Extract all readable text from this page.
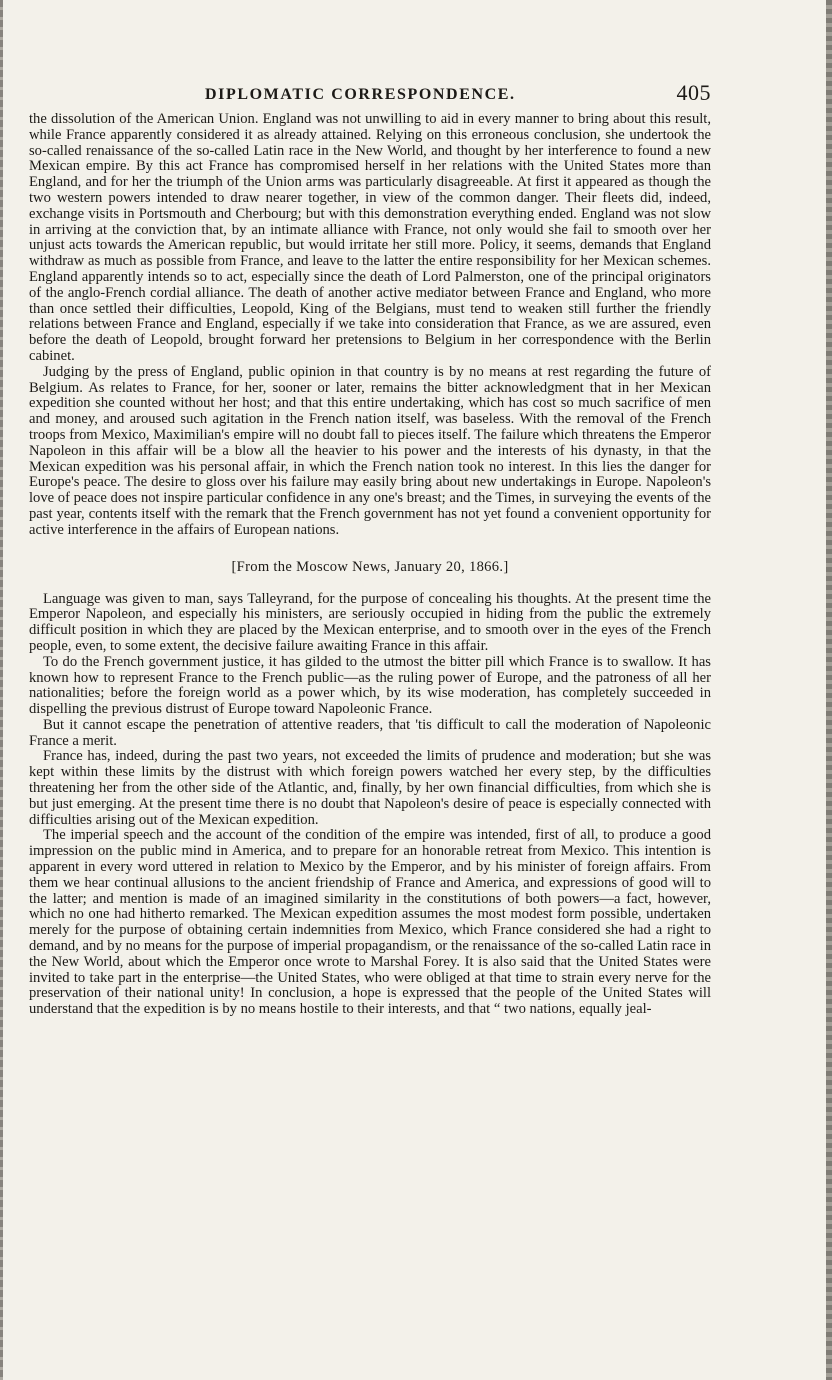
DIPLOMATIC CORRESPONDENCE.	405

the dissolution of the American Union. England was not unwilling to aid in every manner to bring about this result, while France apparently considered it as already attained. Relying on this erroneous conclusion, she undertook the so-called renaissance of the so-called Latin race in the New World, and thought by her interference to found a new Mexican empire. By this act France has compromised herself in her relations with the United States more than England, and for her the triumph of the Union arms was particularly disagreeable. At first it appeared as though the two western powers intended to draw nearer together, in view of the common danger. Their fleets did, indeed, exchange visits in Portsmouth and Cherbourg; but with this demonstration everything ended. England was not slow in arriving at the conviction that, by an intimate alliance with France, not only would she fail to smooth over her unjust acts towards the American republic, but would irritate her still more. Policy, it seems, demands that England withdraw as much as possible from France, and leave to the latter the entire responsibility for her Mexican schemes. England apparently intends so to act, especially since the death of Lord Palmerston, one of the principal originators of the anglo-French cordial alliance. The death of another active mediator between France and England, who more than once settled their difficulties, Leopold, King of the Belgians, must tend to weaken still further the friendly relations between France and England, especially if we take into consideration that France, as we are assured, even before the death of Leopold, brought forward her pretensions to Belgium in her correspondence with the Berlin cabinet.

Judging by the press of England, public opinion in that country is by no means at rest regarding the future of Belgium. As relates to France, for her, sooner or later, remains the bitter acknowledgment that in her Mexican expedition she counted without her host; and that this entire undertaking, which has cost so much sacrifice of men and money, and aroused such agitation in the French nation itself, was baseless. With the removal of the French troops from Mexico, Maximilian's empire will no doubt fall to pieces itself. The failure which threatens the Emperor Napoleon in this affair will be a blow all the heavier to his power and the interests of his dynasty, in that the Mexican expedition was his personal affair, in which the French nation took no interest. In this lies the danger for Europe's peace. The desire to gloss over his failure may easily bring about new undertakings in Europe. Napoleon's love of peace does not inspire particular confidence in any one's breast; and the Times, in surveying the events of the past year, contents itself with the remark that the French government has not yet found a convenient opportunity for active interference in the affairs of European nations.

[From the Moscow News, January 20, 1866.]

Language was given to man, says Talleyrand, for the purpose of concealing his thoughts. At the present time the Emperor Napoleon, and especially his ministers, are seriously occupied in hiding from the public the extremely difficult position in which they are placed by the Mexican enterprise, and to smooth over in the eyes of the French people, even, to some extent, the decisive failure awaiting France in this affair.

To do the French government justice, it has gilded to the utmost the bitter pill which France is to swallow. It has known how to represent France to the French public—as the ruling power of Europe, and the patroness of all her nationalities; before the foreign world as a power which, by its wise moderation, has completely succeeded in dispelling the previous distrust of Europe toward Napoleonic France.

But it cannot escape the penetration of attentive readers, that 'tis difficult to call the moderation of Napoleonic France a merit.

France has, indeed, during the past two years, not exceeded the limits of prudence and moderation; but she was kept within these limits by the distrust with which foreign powers watched her every step, by the difficulties threatening her from the other side of the Atlantic, and, finally, by her own financial difficulties, from which she is but just emerging. At the present time there is no doubt that Napoleon's desire of peace is especially connected with difficulties arising out of the Mexican expedition.

The imperial speech and the account of the condition of the empire was intended, first of all, to produce a good impression on the public mind in America, and to prepare for an honorable retreat from Mexico. This intention is apparent in every word uttered in relation to Mexico by the Emperor, and by his minister of foreign affairs. From them we hear continual allusions to the ancient friendship of France and America, and expressions of good will to the latter; and mention is made of an imagined similarity in the constitutions of both powers—a fact, however, which no one had hitherto remarked. The Mexican expedition assumes the most modest form possible, undertaken merely for the purpose of obtaining certain indemnities from Mexico, which France considered she had a right to demand, and by no means for the purpose of imperial propagandism, or the renaissance of the so-called Latin race in the New World, about which the Emperor once wrote to Marshal Forey. It is also said that the United States were invited to take part in the enterprise—the United States, who were obliged at that time to strain every nerve for the preservation of their national unity! In conclusion, a hope is expressed that the people of the United States will understand that the expedition is by no means hostile to their interests, and that “ two nations, equally jeal-
